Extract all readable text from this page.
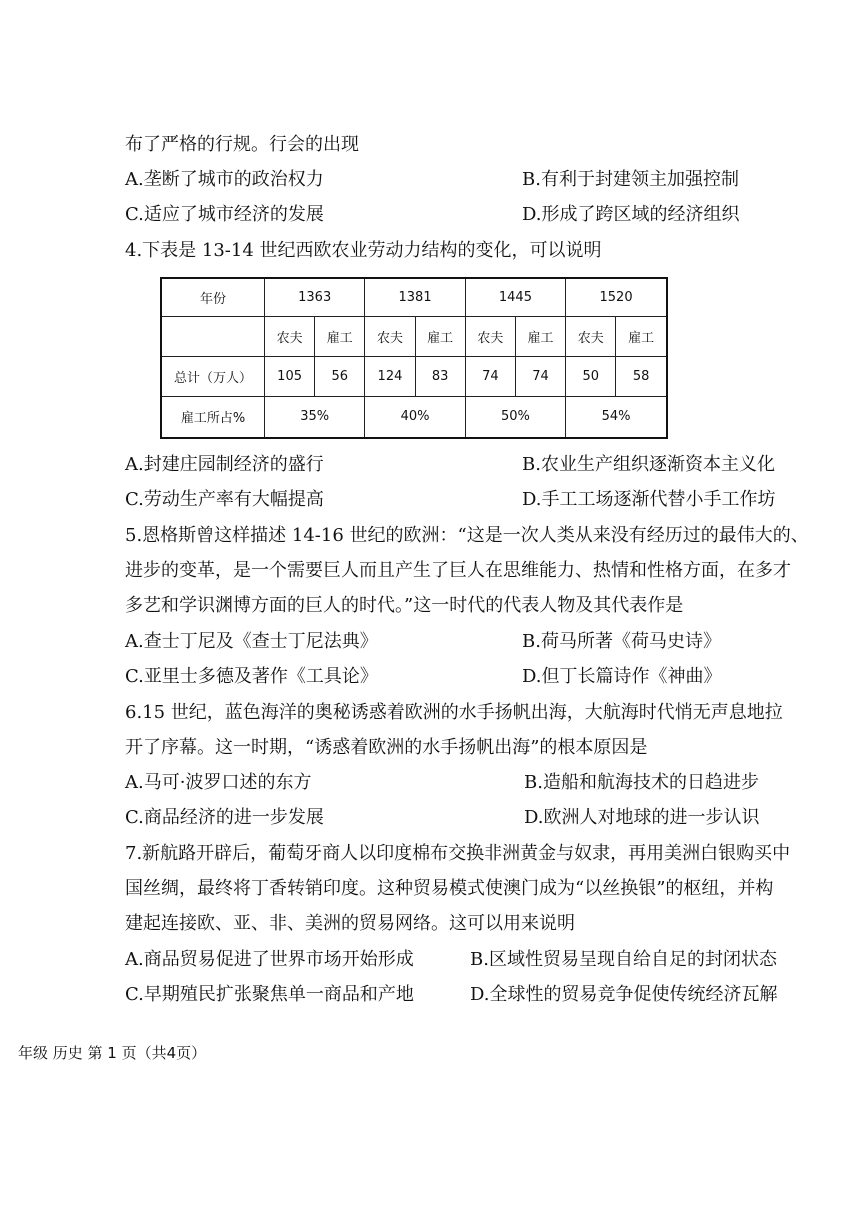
布了严格的行规。行会的出现
A.垄断了城市的政治权力	B.有利于封建领主加强控制
C.适应了城市经济的发展	D.形成了跨区域的经济组织
4.下表是 13-14 世纪西欧农业劳动力结构的变化，可以说明
年份	1363		1381		1445		1520	
	农夫	雇工	农夫	雇工	农夫	雇工	农夫	雇工
总计（万人）	105	56	124	83	74	74	50	58
雇工所占%	35%		40%		50%		54%	
A.封建庄园制经济的盛行	B.农业生产组织逐渐资本主义化
C.劳动生产率有大幅提高	D.手工工场逐渐代替小手工作坊
5.恩格斯曾这样描述 14-16 世纪的欧洲：“这是一次人类从来没有经历过的最伟大的、
进步的变革，是一个需要巨人而且产生了巨人在思维能力、热情和性格方面，在多才
多艺和学识渊博方面的巨人的时代。”这一时代的代表人物及其代表作是
A.查士丁尼及《查士丁尼法典》	B.荷马所著《荷马史诗》
C.亚里士多德及著作《工具论》	D.但丁长篇诗作《神曲》
6.15 世纪，蓝色海洋的奥秘诱惑着欧洲的水手扬帆出海，大航海时代悄无声息地拉
开了序幕。这一时期，“诱惑着欧洲的水手扬帆出海”的根本原因是
A.马可·波罗口述的东方	B.造船和航海技术的日趋进步
C.商品经济的进一步发展	D.欧洲人对地球的进一步认识
7.新航路开辟后，葡萄牙商人以印度棉布交换非洲黄金与奴隶，再用美洲白银购买中
国丝绸，最终将丁香转销印度。这种贸易模式使澳门成为“以丝换银”的枢纽，并构
建起连接欧、亚、非、美洲的贸易网络。这可以用来说明
A.商品贸易促进了世界市场开始形成	B.区域性贸易呈现自给自足的封闭状态
C.早期殖民扩张聚焦单一商品和产地	D.全球性的贸易竞争促使传统经济瓦解
年级 历史 第 1 页（共4页）
